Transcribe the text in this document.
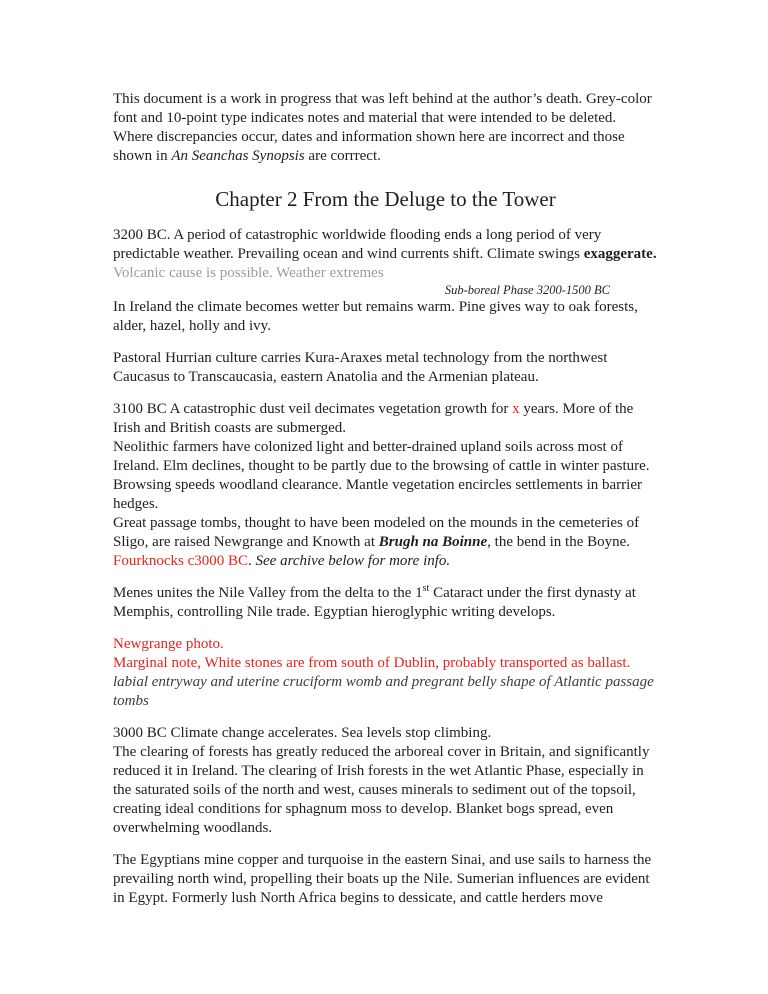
This document is a work in progress that was left behind at the author’s death. Grey-color font and 10-point type indicates notes and material that were intended to be deleted. Where discrepancies occur, dates and information shown here are incorrect and those shown in An Seanchas Synopsis are corrrect.
Chapter 2 From the Deluge to the Tower
3200 BC. A period of catastrophic worldwide flooding ends a long period of very predictable weather. Prevailing ocean and wind currents shift. Climate swings exaggerate. Volcanic cause is possible. Weather extremes
Sub-boreal Phase 3200-1500 BC
In Ireland the climate becomes wetter but remains warm. Pine gives way to oak forests, alder, hazel, holly and ivy.
Pastoral Hurrian culture carries Kura-Araxes metal technology from the northwest Caucasus to Transcaucasia, eastern Anatolia and the Armenian plateau.
3100 BC A catastrophic dust veil decimates vegetation growth for x years. More of the Irish and British coasts are submerged.
Neolithic farmers have colonized light and better-drained upland soils across most of Ireland. Elm declines, thought to be partly due to the browsing of cattle in winter pasture. Browsing speeds woodland clearance. Mantle vegetation encircles settlements in barrier hedges.
Great passage tombs, thought to have been modeled on the mounds in the cemeteries of Sligo, are raised Newgrange and Knowth at Brugh na Boinne, the bend in the Boyne.
Fourknocks c3000 BC. See archive below for more info.
Menes unites the Nile Valley from the delta to the 1st Cataract under the first dynasty at Memphis, controlling Nile trade. Egyptian hieroglyphic writing develops.
Newgrange photo.
Marginal note, White stones are from south of Dublin, probably transported as ballast.
labial entryway and uterine cruciform womb and pregrant belly shape of Atlantic passage tombs
3000 BC Climate change accelerates. Sea levels stop climbing.
The clearing of forests has greatly reduced the arboreal cover in Britain, and significantly reduced it in Ireland. The clearing of Irish forests in the wet Atlantic Phase, especially in the saturated soils of the north and west, causes minerals to sediment out of the topsoil, creating ideal conditions for sphagnum moss to develop. Blanket bogs spread, even overwhelming woodlands.
The Egyptians mine copper and turquoise in the eastern Sinai, and use sails to harness the prevailing north wind, propelling their boats up the Nile. Sumerian influences are evident in Egypt. Formerly lush North Africa begins to dessicate, and cattle herders move
